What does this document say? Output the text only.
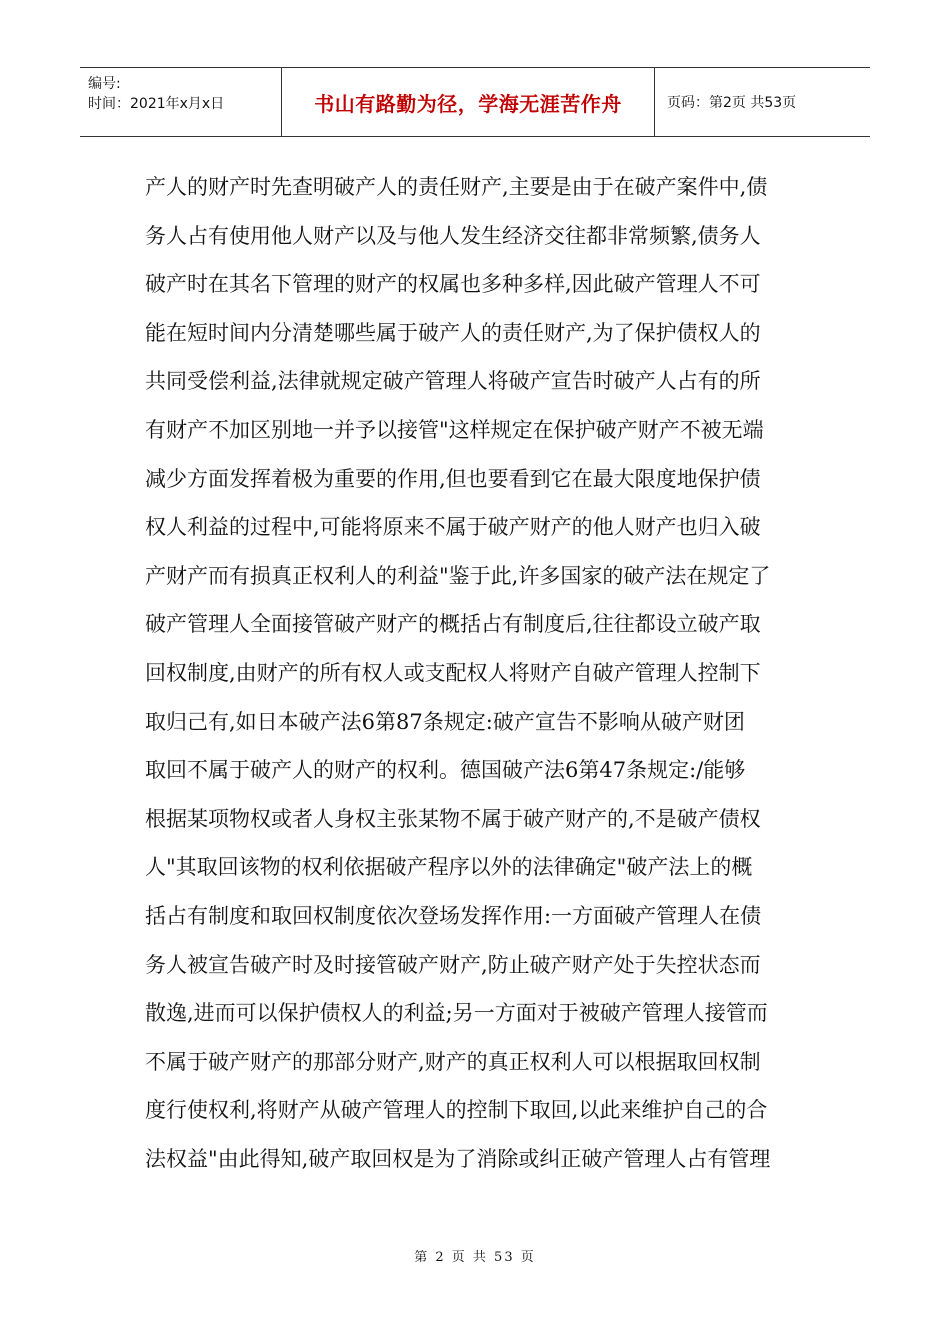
编号:
时间：2021年x月x日	书山有路勤为径，学海无涯苦作舟	页码：第2页 共53页
产人的财产时先查明破产人的责任财产,主要是由于在破产案件中,债
务人占有使用他人财产以及与他人发生经济交往都非常频繁,债务人
破产时在其名下管理的财产的权属也多种多样,因此破产管理人不可
能在短时间内分清楚哪些属于破产人的责任财产,为了保护债权人的
共同受偿利益,法律就规定破产管理人将破产宣告时破产人占有的所
有财产不加区别地一并予以接管"这样规定在保护破产财产不被无端
减少方面发挥着极为重要的作用,但也要看到它在最大限度地保护债
权人利益的过程中,可能将原来不属于破产财产的他人财产也归入破
产财产而有损真正权利人的利益"鉴于此,许多国家的破产法在规定了
破产管理人全面接管破产财产的概括占有制度后,往往都设立破产取
回权制度,由财产的所有权人或支配权人将财产自破产管理人控制下
取归己有,如日本破产法6第87条规定:破产宣告不影响从破产财团
取回不属于破产人的财产的权利。德国破产法6第47条规定:/能够
根据某项物权或者人身权主张某物不属于破产财产的,不是破产债权
人"其取回该物的权利依据破产程序以外的法律确定"破产法上的概
括占有制度和取回权制度依次登场发挥作用:一方面破产管理人在债
务人被宣告破产时及时接管破产财产,防止破产财产处于失控状态而
散逸,进而可以保护债权人的利益;另一方面对于被破产管理人接管而
不属于破产财产的那部分财产,财产的真正权利人可以根据取回权制
度行使权利,将财产从破产管理人的控制下取回,以此来维护自己的合
法权益"由此得知,破产取回权是为了消除或纠正破产管理人占有管理
第 2 页 共 53 页
